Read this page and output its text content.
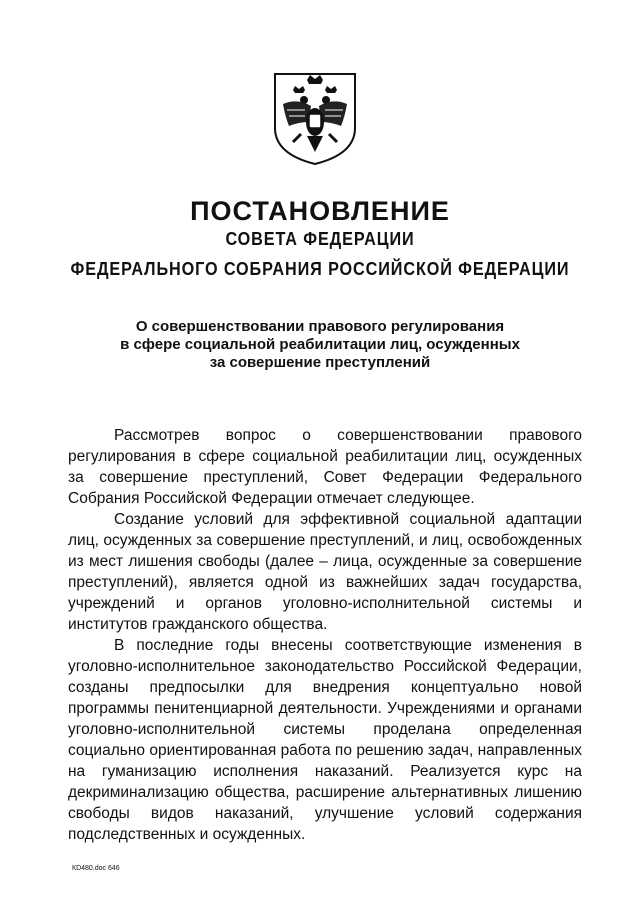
ПОСТАНОВЛЕНИЕ
СОВЕТА ФЕДЕРАЦИИ
ФЕДЕРАЛЬНОГО СОБРАНИЯ РОССИЙСКОЙ ФЕДЕРАЦИИ
О совершенствовании правового регулирования
в сфере социальной реабилитации лиц, осужденных
за совершение преступлений

Рассмотрев вопрос о совершенствовании правового регулирования в сфере социальной реабилитации лиц, осужденных за совершение преступлений, Совет Федерации Федерального Собрания Российской Федерации отмечает следующее.

Создание условий для эффективной социальной адаптации лиц, осужденных за совершение преступлений, и лиц, освобожденных из мест лишения свободы (далее – лица, осужденные за совершение преступлений), является одной из важнейших задач государства, учреждений и органов уголовно-исполнительной системы и институтов гражданского общества.

В последние годы внесены соответствующие изменения в уголовно-исполнительное законодательство Российской Федерации, созданы предпосылки для внедрения концептуально новой программы пенитенциарной деятельности. Учреждениями и органами уголовно-исполнительной системы проделана определенная социально ориентированная работа по решению задач, направленных на гуманизацию исполнения наказаний. Реализуется курс на декриминализацию общества, расширение альтернативных лишению свободы видов наказаний, улучшение условий содержания подследственных и осужденных.

КD480.doc 646
